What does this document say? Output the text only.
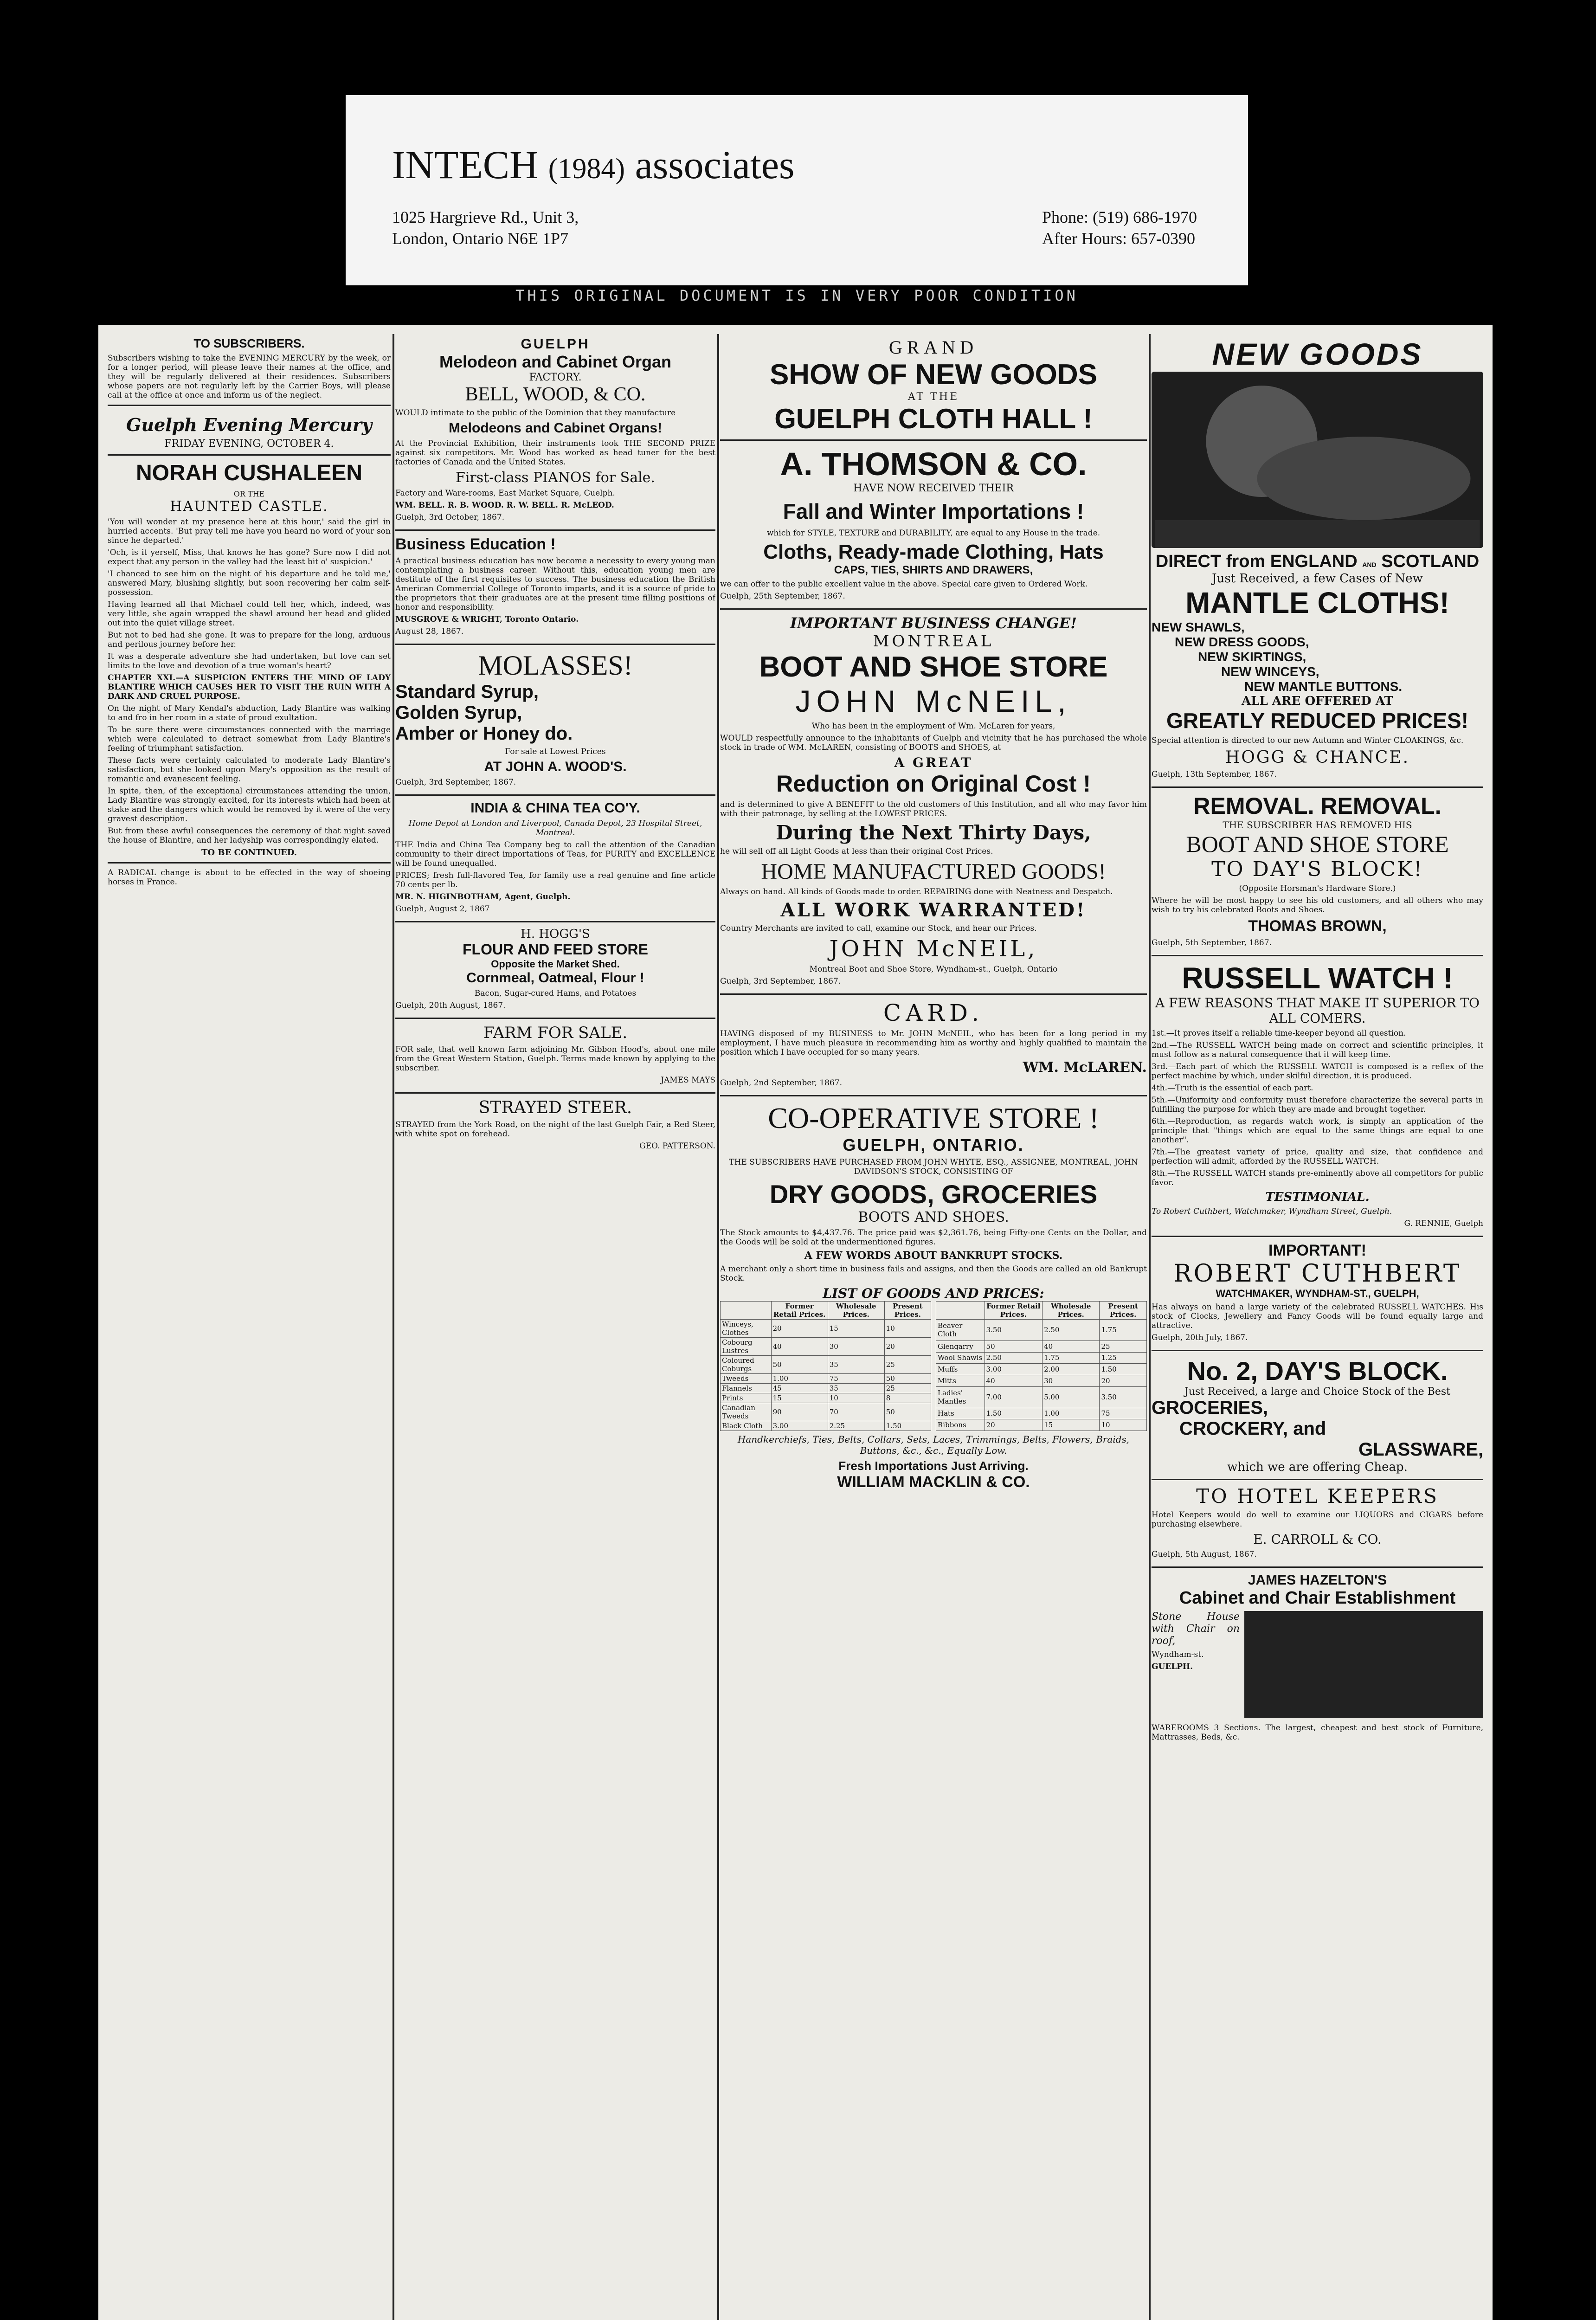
INTECH (1984) associates
1025 Hargrieve Rd., Unit 3,
London, Ontario N6E 1P7
Phone: (519) 686-1970
After Hours: 657-0390
THIS ORIGINAL DOCUMENT IS IN VERY POOR CONDITION
TO SUBSCRIBERS.
Subscribers wishing to take the EVENING MERCURY by the week, or for a longer period, will please leave their names at the office, and they will be regularly delivered at their residences. Subscribers whose papers are not regularly left by the Carrier Boys, will please call at the office at once and inform us of the neglect.
Guelph Evening Mercury
FRIDAY EVENING, OCTOBER 4.
NORAH CUSHALEEN
OR THE
HAUNTED CASTLE.
'You will wonder at my presence here at this hour,' said the girl in hurried accents. 'But pray tell me have you heard no word of your son since he departed.'
'Och, is it yerself, Miss, that knows he has gone? Sure now I did not expect that any person in the valley had the least bit o' suspicion.'
'I chanced to see him on the night of his departure and he told me,' answered Mary, blushing slightly, but soon recovering her calm self-possession.
Having learned all that Michael could tell her, which, indeed, was very little, she again wrapped the shawl around her head and glided out into the quiet village street.
But not to bed had she gone. It was to prepare for the long, arduous and perilous journey before her.
It was a desperate adventure she had undertaken, but love can set limits to the love and devotion of a true woman's heart?
CHAPTER XXI.—A SUSPICION ENTERS THE MIND OF LADY BLANTIRE WHICH CAUSES HER TO VISIT THE RUIN WITH A DARK AND CRUEL PURPOSE.
On the night of Mary Kendal's abduction, Lady Blantire was walking to and fro in her room in a state of proud exultation.
To be sure there were circumstances connected with the marriage which were calculated to detract somewhat from Lady Blantire's feeling of triumphant satisfaction.
These facts were certainly calculated to moderate Lady Blantire's satisfaction, but she looked upon Mary's opposition as the result of romantic and evanescent feeling.
In spite, then, of the exceptional circumstances attending the union, Lady Blantire was strongly excited, for its interests which had been at stake and the dangers which would be removed by it were of the very gravest description.
But from these awful consequences the ceremony of that night saved the house of Blantire, and her ladyship was correspondingly elated.
TO BE CONTINUED.
A RADICAL change is about to be effected in the way of shoeing horses in France.
GUELPH
Melodeon and Cabinet Organ
FACTORY.
BELL, WOOD, & CO.
WOULD intimate to the public of the Dominion that they manufacture
Melodeons and Cabinet Organs!
At the Provincial Exhibition, their instruments took THE SECOND PRIZE against six competitors. Mr. Wood has worked as head tuner for the best factories of Canada and the United States.
First-class PIANOS for Sale.
Factory and Ware-rooms, East Market Square, Guelph.
WM. BELL. R. B. WOOD. R. W. BELL. R. McLEOD.
Guelph, 3rd October, 1867.
Business Education !
A practical business education has now become a necessity to every young man contemplating a business career. Without this, education young men are destitute of the first requisites to success. The business education the British American Commercial College of Toronto imparts, and it is a source of pride to the proprietors that their graduates are at the present time filling positions of honor and responsibility.
MUSGROVE & WRIGHT, Toronto Ontario.
August 28, 1867.
MOLASSES!
Standard Syrup,
Golden Syrup,
Amber or Honey do.
For sale at Lowest Prices
AT JOHN A. WOOD'S.
Guelph, 3rd September, 1867.
INDIA & CHINA TEA CO'Y.
Home Depot at London and Liverpool, Canada Depot, 23 Hospital Street, Montreal.
THE India and China Tea Company beg to call the attention of the Canadian community to their direct importations of Teas, for PURITY and EXCELLENCE will be found unequalled.
PRICES; fresh full-flavored Tea, for family use a real genuine and fine article 70 cents per lb.
MR. N. HIGINBOTHAM, Agent, Guelph.
Guelph, August 2, 1867
H. HOGG'S
FLOUR AND FEED STORE
Opposite the Market Shed.
Cornmeal, Oatmeal, Flour !
Bacon, Sugar-cured Hams, and Potatoes
Guelph, 20th August, 1867.
FARM FOR SALE.
FOR sale, that well known farm adjoining Mr. Gibbon Hood's, about one mile from the Great Western Station, Guelph. Terms made known by applying to the subscriber.
JAMES MAYS
STRAYED STEER.
STRAYED from the York Road, on the night of the last Guelph Fair, a Red Steer, with white spot on forehead.
GEO. PATTERSON.
GRAND
SHOW OF NEW GOODS
AT THE
GUELPH CLOTH HALL !
A. THOMSON & CO.
HAVE NOW RECEIVED THEIR
Fall and Winter Importations !
which for STYLE, TEXTURE and DURABILITY, are equal to any House in the trade.
Cloths, Ready-made Clothing, Hats
CAPS, TIES, SHIRTS AND DRAWERS,
we can offer to the public excellent value in the above. Special care given to Ordered Work.
Guelph, 25th September, 1867.
IMPORTANT BUSINESS CHANGE!
MONTREAL
BOOT AND SHOE STORE
JOHN McNEIL,
Who has been in the employment of Wm. McLaren for years,
WOULD respectfully announce to the inhabitants of Guelph and vicinity that he has purchased the whole stock in trade of WM. McLAREN, consisting of BOOTS and SHOES, at
A GREAT
Reduction on Original Cost !
and is determined to give A BENEFIT to the old customers of this Institution, and all who may favor him with their patronage, by selling at the LOWEST PRICES.
During the Next Thirty Days,
he will sell off all Light Goods at less than their original Cost Prices.
HOME MANUFACTURED GOODS!
Always on hand. All kinds of Goods made to order. REPAIRING done with Neatness and Despatch.
ALL WORK WARRANTED!
Country Merchants are invited to call, examine our Stock, and hear our Prices.
JOHN McNEIL,
Montreal Boot and Shoe Store, Wyndham-st., Guelph, Ontario
Guelph, 3rd September, 1867.
CARD.
HAVING disposed of my BUSINESS to Mr. JOHN McNEIL, who has been for a long period in my employment, I have much pleasure in recommending him as worthy and highly qualified to maintain the position which I have occupied for so many years.
WM. McLAREN.
Guelph, 2nd September, 1867.
CO-OPERATIVE STORE !
GUELPH, ONTARIO.
THE SUBSCRIBERS HAVE PURCHASED FROM JOHN WHYTE, ESQ., ASSIGNEE, MONTREAL, JOHN DAVIDSON'S STOCK, CONSISTING OF
DRY GOODS, GROCERIES
BOOTS AND SHOES.
The Stock amounts to $4,437.76. The price paid was $2,361.76, being Fifty-one Cents on the Dollar, and the Goods will be sold at the undermentioned figures.
A FEW WORDS ABOUT BANKRUPT STOCKS.
A merchant only a short time in business fails and assigns, and then the Goods are called an old Bankrupt Stock.
LIST OF GOODS AND PRICES:
	Former Retail Prices.	Wholesale Prices.	Present Prices.
Winceys, Clothes	20	15	10
Cobourg Lustres	40	30	20
Coloured Coburgs	50	35	25
Tweeds	1.00	75	50
Flannels	45	35	25
Prints	15	10	8
Canadian Tweeds	90	70	50
Black Cloth	3.00	2.25	1.50
	Former Retail Prices.	Wholesale Prices.	Present Prices.
Beaver Cloth	3.50	2.50	1.75
Glengarry	50	40	25
Wool Shawls	2.50	1.75	1.25
Muffs	3.00	2.00	1.50
Mitts	40	30	20
Ladies' Mantles	7.00	5.00	3.50
Hats	1.50	1.00	75
Ribbons	20	15	10
Handkerchiefs, Ties, Belts, Collars, Sets, Laces, Trimmings, Belts, Flowers, Braids, Buttons, &c., &c., Equally Low.
Fresh Importations Just Arriving.
WILLIAM MACKLIN & CO.
NEW GOODS
DIRECT from ENGLAND AND SCOTLAND
Just Received, a few Cases of New
MANTLE CLOTHS!
NEW SHAWLS,
NEW DRESS GOODS,
NEW SKIRTINGS,
NEW WINCEYS,
NEW MANTLE BUTTONS.
ALL ARE OFFERED AT
GREATLY REDUCED PRICES!
Special attention is directed to our new Autumn and Winter CLOAKINGS, &c.
HOGG & CHANCE.
Guelph, 13th September, 1867.
REMOVAL. REMOVAL.
THE SUBSCRIBER HAS REMOVED HIS
BOOT AND SHOE STORE
TO DAY'S BLOCK!
(Opposite Horsman's Hardware Store.)
Where he will be most happy to see his old customers, and all others who may wish to try his celebrated Boots and Shoes.
THOMAS BROWN,
Guelph, 5th September, 1867.
RUSSELL WATCH !
A FEW REASONS THAT MAKE IT SUPERIOR TO ALL COMERS.
1st.—It proves itself a reliable time-keeper beyond all question.
2nd.—The RUSSELL WATCH being made on correct and scientific principles, it must follow as a natural consequence that it will keep time.
3rd.—Each part of which the RUSSELL WATCH is composed is a reflex of the perfect machine by which, under skilful direction, it is produced.
4th.—Truth is the essential of each part.
5th.—Uniformity and conformity must therefore characterize the several parts in fulfilling the purpose for which they are made and brought together.
6th.—Reproduction, as regards watch work, is simply an application of the principle that "things which are equal to the same things are equal to one another".
7th.—The greatest variety of price, quality and size, that confidence and perfection will admit, afforded by the RUSSELL WATCH.
8th.—The RUSSELL WATCH stands pre-eminently above all competitors for public favor.
TESTIMONIAL.
To Robert Cuthbert, Watchmaker, Wyndham Street, Guelph.
G. RENNIE, Guelph
IMPORTANT!
ROBERT CUTHBERT
WATCHMAKER, WYNDHAM-ST., GUELPH,
Has always on hand a large variety of the celebrated RUSSELL WATCHES. His stock of Clocks, Jewellery and Fancy Goods will be found equally large and attractive.
Guelph, 20th July, 1867.
No. 2, DAY'S BLOCK.
Just Received, a large and Choice Stock of the Best
GROCERIES,
CROCKERY, and
GLASSWARE,
which we are offering Cheap.
TO HOTEL KEEPERS
Hotel Keepers would do well to examine our LIQUORS and CIGARS before purchasing elsewhere.
E. CARROLL & CO.
Guelph, 5th August, 1867.
JAMES HAZELTON'S
Cabinet and Chair Establishment
Stone House with Chair on roof,
Wyndham-st.
GUELPH.
WAREROOMS 3 Sections. The largest, cheapest and best stock of Furniture, Mattrasses, Beds, &c.
